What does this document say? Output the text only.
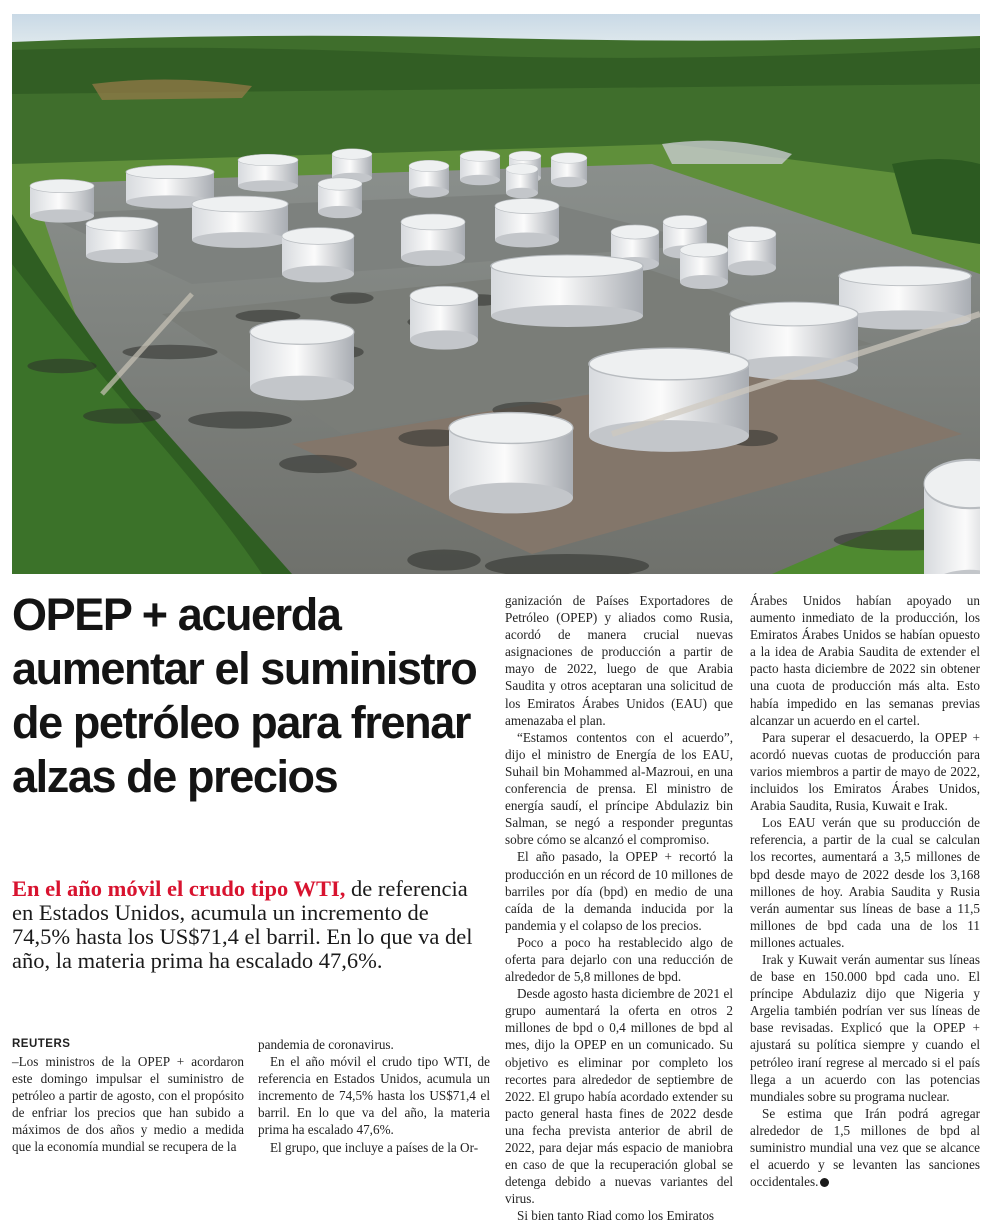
OPEP + acuerda aumentar el suministro de petróleo para frenar alzas de precios

En el año móvil el crudo tipo WTI, de referencia en Estados Unidos, acumula un incremento de 74,5% hasta los US$71,4 el barril. En lo que va del año, la materia prima ha escalado 47,6%.

REUTERS

–Los ministros de la OPEP + acordaron este domingo impulsar el suministro de petróleo a partir de agosto, con el propósito de enfriar los precios que han subido a máximos de dos años y medio a medida que la economía mundial se recupera de la

pandemia de coronavirus.

En el año móvil el crudo tipo WTI, de referencia en Estados Unidos, acumula un incremento de 74,5% hasta los US$71,4 el barril. En lo que va del año, la materia prima ha escalado 47,6%.

El grupo, que incluye a países de la Or-

ganización de Países Exportadores de Petróleo (OPEP) y aliados como Rusia, acordó de manera crucial nuevas asignaciones de producción a partir de mayo de 2022, luego de que Arabia Saudita y otros aceptaran una solicitud de los Emiratos Árabes Unidos (EAU) que amenazaba el plan.

“Estamos contentos con el acuerdo”, dijo el ministro de Energía de los EAU, Suhail bin Mohammed al-Mazroui, en una conferencia de prensa. El ministro de energía saudí, el príncipe Abdulaziz bin Salman, se negó a responder preguntas sobre cómo se alcanzó el compromiso.

El año pasado, la OPEP + recortó la producción en un récord de 10 millones de barriles por día (bpd) en medio de una caída de la demanda inducida por la pandemia y el colapso de los precios.

Poco a poco ha restablecido algo de oferta para dejarlo con una reducción de alrededor de 5,8 millones de bpd.

Desde agosto hasta diciembre de 2021 el grupo aumentará la oferta en otros 2 millones de bpd o 0,4 millones de bpd al mes, dijo la OPEP en un comunicado. Su objetivo es eliminar por completo los recortes para alrededor de septiembre de 2022. El grupo había acordado extender su pacto general hasta fines de 2022 desde una fecha prevista anterior de abril de 2022, para dejar más espacio de maniobra en caso de que la recuperación global se detenga debido a nuevas variantes del virus.

Si bien tanto Riad como los Emiratos

Árabes Unidos habían apoyado un aumento inmediato de la producción, los Emiratos Árabes Unidos se habían opuesto a la idea de Arabia Saudita de extender el pacto hasta diciembre de 2022 sin obtener una cuota de producción más alta. Esto había impedido en las semanas previas alcanzar un acuerdo en el cartel.

Para superar el desacuerdo, la OPEP + acordó nuevas cuotas de producción para varios miembros a partir de mayo de 2022, incluidos los Emiratos Árabes Unidos, Arabia Saudita, Rusia, Kuwait e Irak.

Los EAU verán que su producción de referencia, a partir de la cual se calculan los recortes, aumentará a 3,5 millones de bpd desde mayo de 2022 desde los 3,168 millones de hoy. Arabia Saudita y Rusia verán aumentar sus líneas de base a 11,5 millones de bpd cada una de los 11 millones actuales.

Irak y Kuwait verán aumentar sus líneas de base en 150.000 bpd cada uno. El príncipe Abdulaziz dijo que Nigeria y Argelia también podrían ver sus líneas de base revisadas. Explicó que la OPEP + ajustará su política siempre y cuando el petróleo iraní regrese al mercado si el país llega a un acuerdo con las potencias mundiales sobre su programa nuclear.

Se estima que Irán podrá agregar alrededor de 1,5 millones de bpd al suministro mundial una vez que se alcance el acuerdo y se levanten las sanciones occidentales.
